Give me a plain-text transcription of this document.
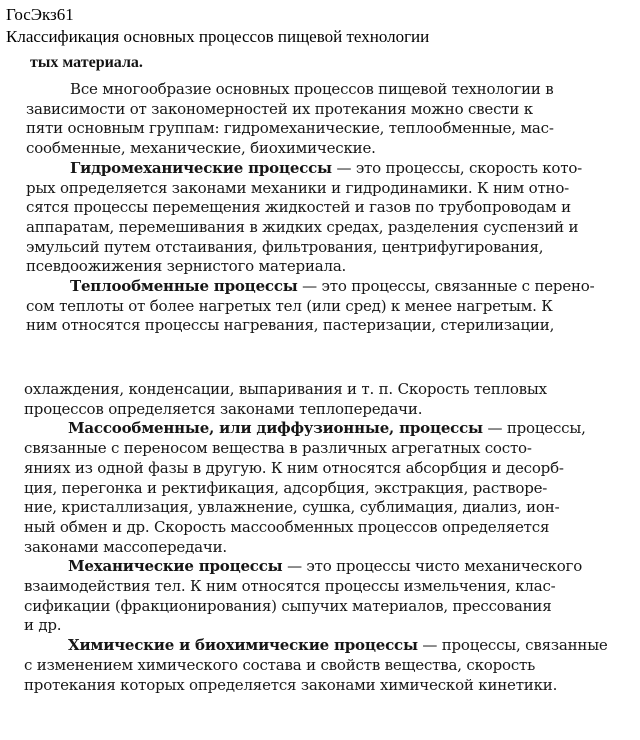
ГосЭкз61
Классификация основных процессов пищевой технологии
тых материала.

Все многообразие основных процессов пищевой технологии в

зависимости от закономерностей их протекания можно свести к

пяти основным группам: гидромеханические, теплообменные, мас-

сообменные, механические, биохимические.

Гидромеханические процессы — это процессы, скорость кото-

рых определяется законами механики и гидродинамики. К ним отно-

сятся процессы перемещения жидкостей и газов по трубопроводам и

аппаратам, перемешивания в жидких средах, разделения суспензий и

эмульсий путем отстаивания, фильтрования, центрифугирования,

псевдоожижения зернистого материала.

Теплообменные процессы — это процессы, связанные с перено-

сом теплоты от более нагретых тел (или сред) к менее нагретым. К

ним относятся процессы нагревания, пастеризации, стерилизации,

охлаждения, конденсации, выпаривания и т. п. Скорость тепловых

процессов определяется законами теплопередачи.

Массообменные, или диффузионные, процессы — процессы,

связанные с переносом вещества в различных агрегатных состо-

яниях из одной фазы в другую. К ним относятся абсорбция и десорб-

ция, перегонка и ректификация, адсорбция, экстракция, растворе-

ние, кристаллизация, увлажнение, сушка, сублимация, диализ, ион-

ный обмен и др. Скорость массообменных процессов определяется

законами массопередачи.

Механические процессы — это процессы чисто механического

взаимодействия тел. К ним относятся процессы измельчения, клас-

сификации (фракционирования) сыпучих материалов, прессования

и др.

Химические и биохимические процессы — процессы, связанные

с изменением химического состава и свойств вещества, скорость

протекания которых определяется законами химической кинетики.
